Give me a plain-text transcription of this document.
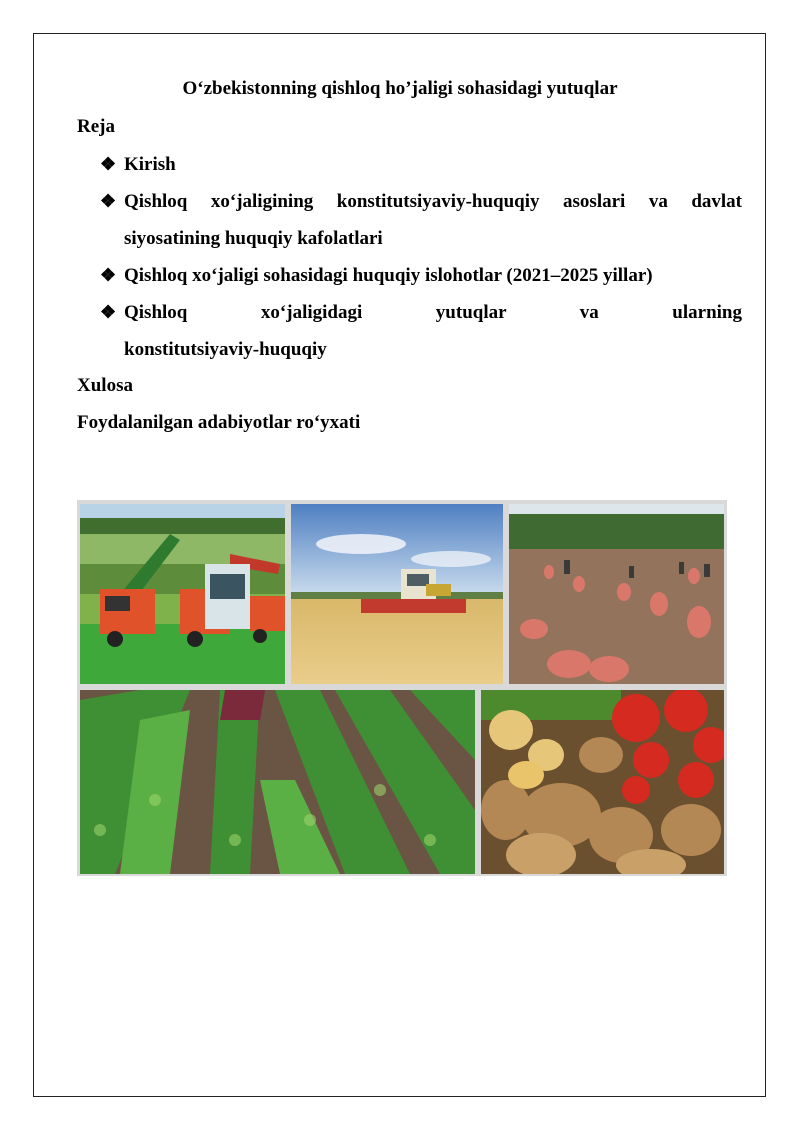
O‘zbekistonning qishloq ho’jaligi sohasidagi yutuqlar
Reja
❖ Kirish
❖ Qishloq xo‘jaligining konstitutsiyaviy-huquqiy asoslari va davlat siyosatining huquqiy kafolatlari
❖ Qishloq xo‘jaligi sohasidagi huquqiy islohotlar (2021–2025 yillar)
❖ Qishloq xo‘jaligidagi yutuqlar va ularning konstitutsiyaviy-huquqiy
Xulosa
Foydalanilgan adabiyotlar ro‘yxati
